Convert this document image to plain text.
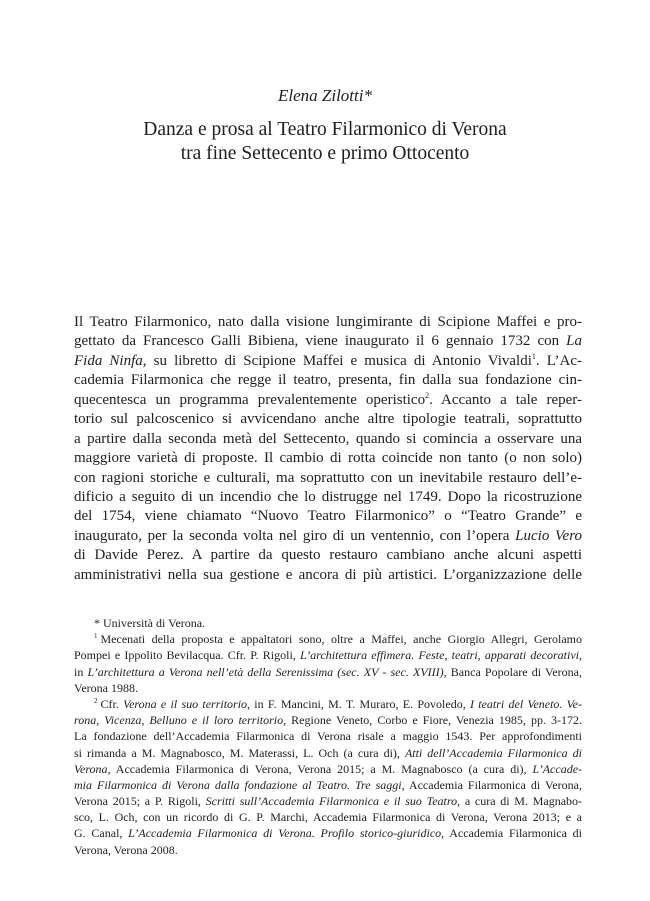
Elena Zilotti*
Danza e prosa al Teatro Filarmonico di Verona
tra fine Settecento e primo Ottocento
Il Teatro Filarmonico, nato dalla visione lungimirante di Scipione Maffei e pro-
gettato da Francesco Galli Bibiena, viene inaugurato il 6 gennaio 1732 con La
Fida Ninfa, su libretto di Scipione Maffei e musica di Antonio Vivaldi$^1$. L’Ac-
cademia Filarmonica che regge il teatro, presenta, fin dalla sua fondazione cin-
quecentesca un programma prevalentemente operistico$^2$. Accanto a tale reper-
torio sul palcoscenico si avvicendano anche altre tipologie teatrali, soprattutto
a partire dalla seconda metà del Settecento, quando si comincia a osservare una
maggiore varietà di proposte. Il cambio di rotta coincide non tanto (o non solo)
con ragioni storiche e culturali, ma soprattutto con un inevitabile restauro dell’e-
dificio a seguito di un incendio che lo distrugge nel 1749. Dopo la ricostruzione
del 1754, viene chiamato “Nuovo Teatro Filarmonico” o “Teatro Grande” e
inaugurato, per la seconda volta nel giro di un ventennio, con l’opera Lucio Vero
di Davide Perez. A partire da questo restauro cambiano anche alcuni aspetti
amministrativi nella sua gestione e ancora di più artistici. L’organizzazione delle
* Università di Verona.
$^1$ Mecenati della proposta e appaltatori sono, oltre a Maffei, anche Giorgio Allegri, Gerolamo
Pompei e Ippolito Bevilacqua. Cfr. P. Rigoli, L’architettura effimera. Feste, teatri, apparati decorativi,
in L’architettura a Verona nell’età della Serenissima (sec. XV - sec. XVIII), Banca Popolare di Verona,
Verona 1988.
$^2$ Cfr. Verona e il suo territorio, in F. Mancini, M. T. Muraro, E. Povoledo, I teatri del Veneto. Ve-
rona, Vicenza, Belluno e il loro territorio, Regione Veneto, Corbo e Fiore, Venezia 1985, pp. 3-172.
La fondazione dell’Accademia Filarmonica di Verona risale a maggio 1543. Per approfondimenti
si rimanda a M. Magnabosco, M. Materassi, L. Och (a cura di), Atti dell’Accademia Filarmonica di
Verona, Accademia Filarmonica di Verona, Verona 2015; a M. Magnabosco (a cura di), L’Accade-
mia Filarmonica di Verona dalla fondazione al Teatro. Tre saggi, Accademia Filarmonica di Verona,
Verona 2015; a P. Rigoli, Scritti sull’Accademia Filarmonica e il suo Teatro, a cura di M. Magnabo-
sco, L. Och, con un ricordo di G. P. Marchi, Accademia Filarmonica di Verona, Verona 2013; e a
G. Canal, L’Accademia Filarmonica di Verona. Profilo storico-giuridico, Accademia Filarmonica di
Verona, Verona 2008.
